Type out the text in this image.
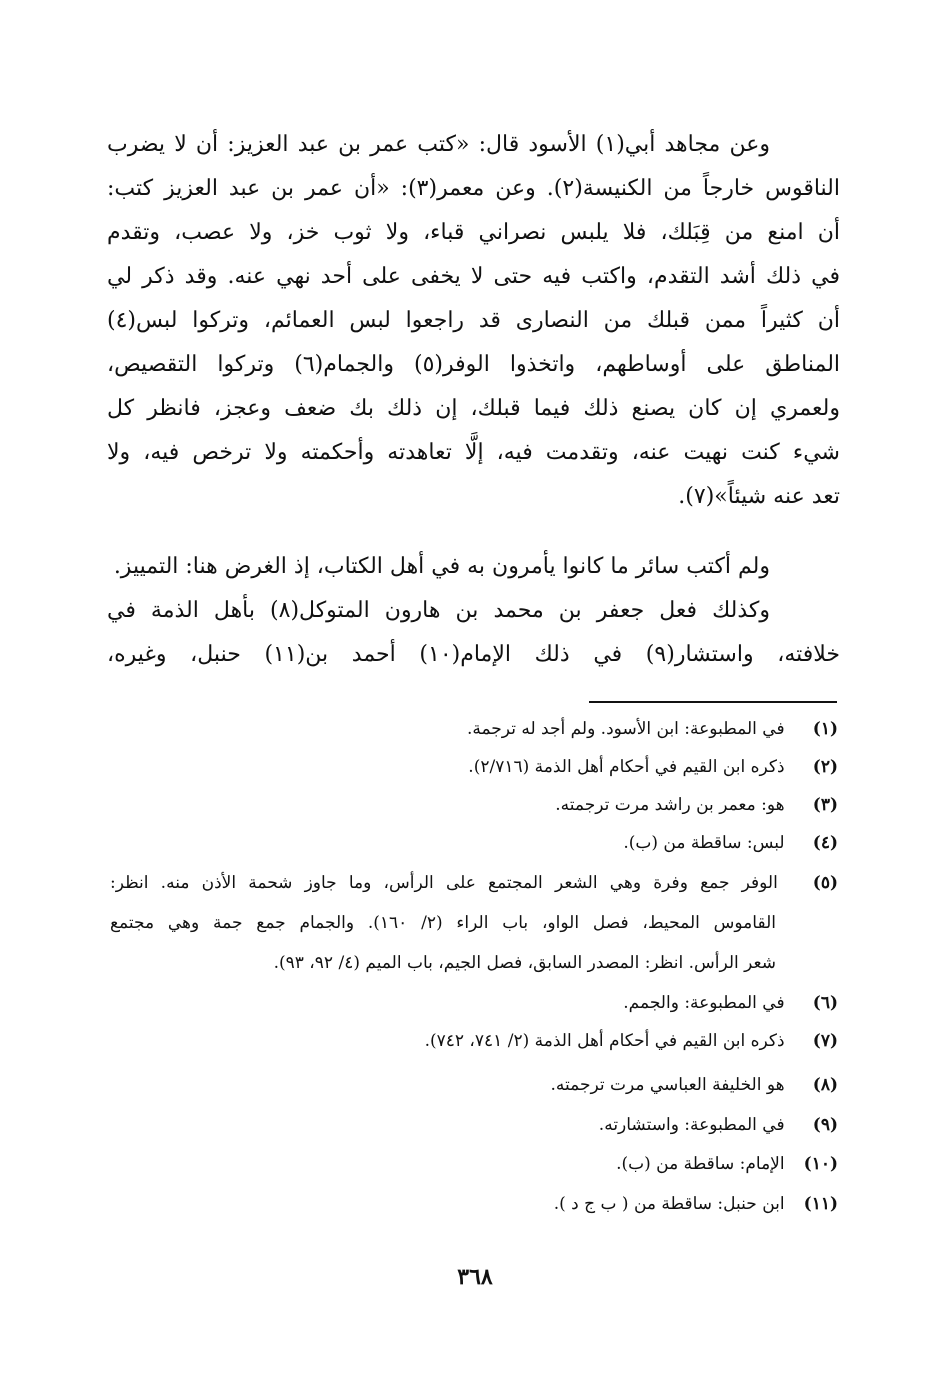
وعن مجاهد أبي(١) الأسود قال: «كتب عمر بن عبد العزيز: أن لا يضرب
الناقوس خارجاً من الكنيسة(٢). وعن معمر(٣): «أن عمر بن عبد العزيز كتب:
أن امنع من قِبَلك، فلا يلبس نصراني قباء، ولا ثوب خز، ولا عصب، وتقدم
في ذلك أشد التقدم، واكتب فيه حتى لا يخفى على أحد نهي عنه. وقد ذكر لي
أن كثيراً ممن قبلك من النصارى قد راجعوا لبس العمائم، وتركوا لبس(٤)
المناطق على أوساطهم، واتخذوا الوفر(٥) والجمام(٦) وتركوا التقصيص،
ولعمري إن كان يصنع ذلك فيما قبلك، إن ذلك بك ضعف وعجز، فانظر كل
شيء كنت نهيت عنه، وتقدمت فيه، إلَّا تعاهدته وأحكمته ولا ترخص فيه، ولا
تعد عنه شيئاً»(٧).
ولم أكتب سائر ما كانوا يأمرون به في أهل الكتاب، إذ الغرض هنا: التمييز.
وكذلك فعل جعفر بن محمد بن هارون المتوكل(٨) بأهل الذمة في
خلافته، واستشار(٩) في ذلك الإمام(١٠) أحمد بن(١١) حنبل، وغيره،
(١) في المطبوعة: ابن الأسود. ولم أجد له ترجمة.
(٢) ذكره ابن القيم في أحكام أهل الذمة (٢/٧١٦).
(٣) هو: معمر بن راشد مرت ترجمته.
(٤) لبس: ساقطة من (ب).
(٥) الوفر جمع وفرة وهي الشعر المجتمع على الرأس، وما جاوز شحمة الأذن منه. انظر:
القاموس المحيط، فصل الواو، باب الراء (٢/ ١٦٠). والجمام جمع جمة وهي مجتمع
شعر الرأس. انظر: المصدر السابق، فصل الجيم، باب الميم (٤/ ٩٢، ٩٣).
(٦) في المطبوعة: والجمم.
(٧) ذكره ابن القيم في أحكام أهل الذمة (٢/ ٧٤١، ٧٤٢).
(٨) هو الخليفة العباسي مرت ترجمته.
(٩) في المطبوعة: واستشارته.
(١٠) الإمام: ساقطة من (ب).
(١١) ابن حنبل: ساقطة من ( ب ج د ).
٣٦٨
